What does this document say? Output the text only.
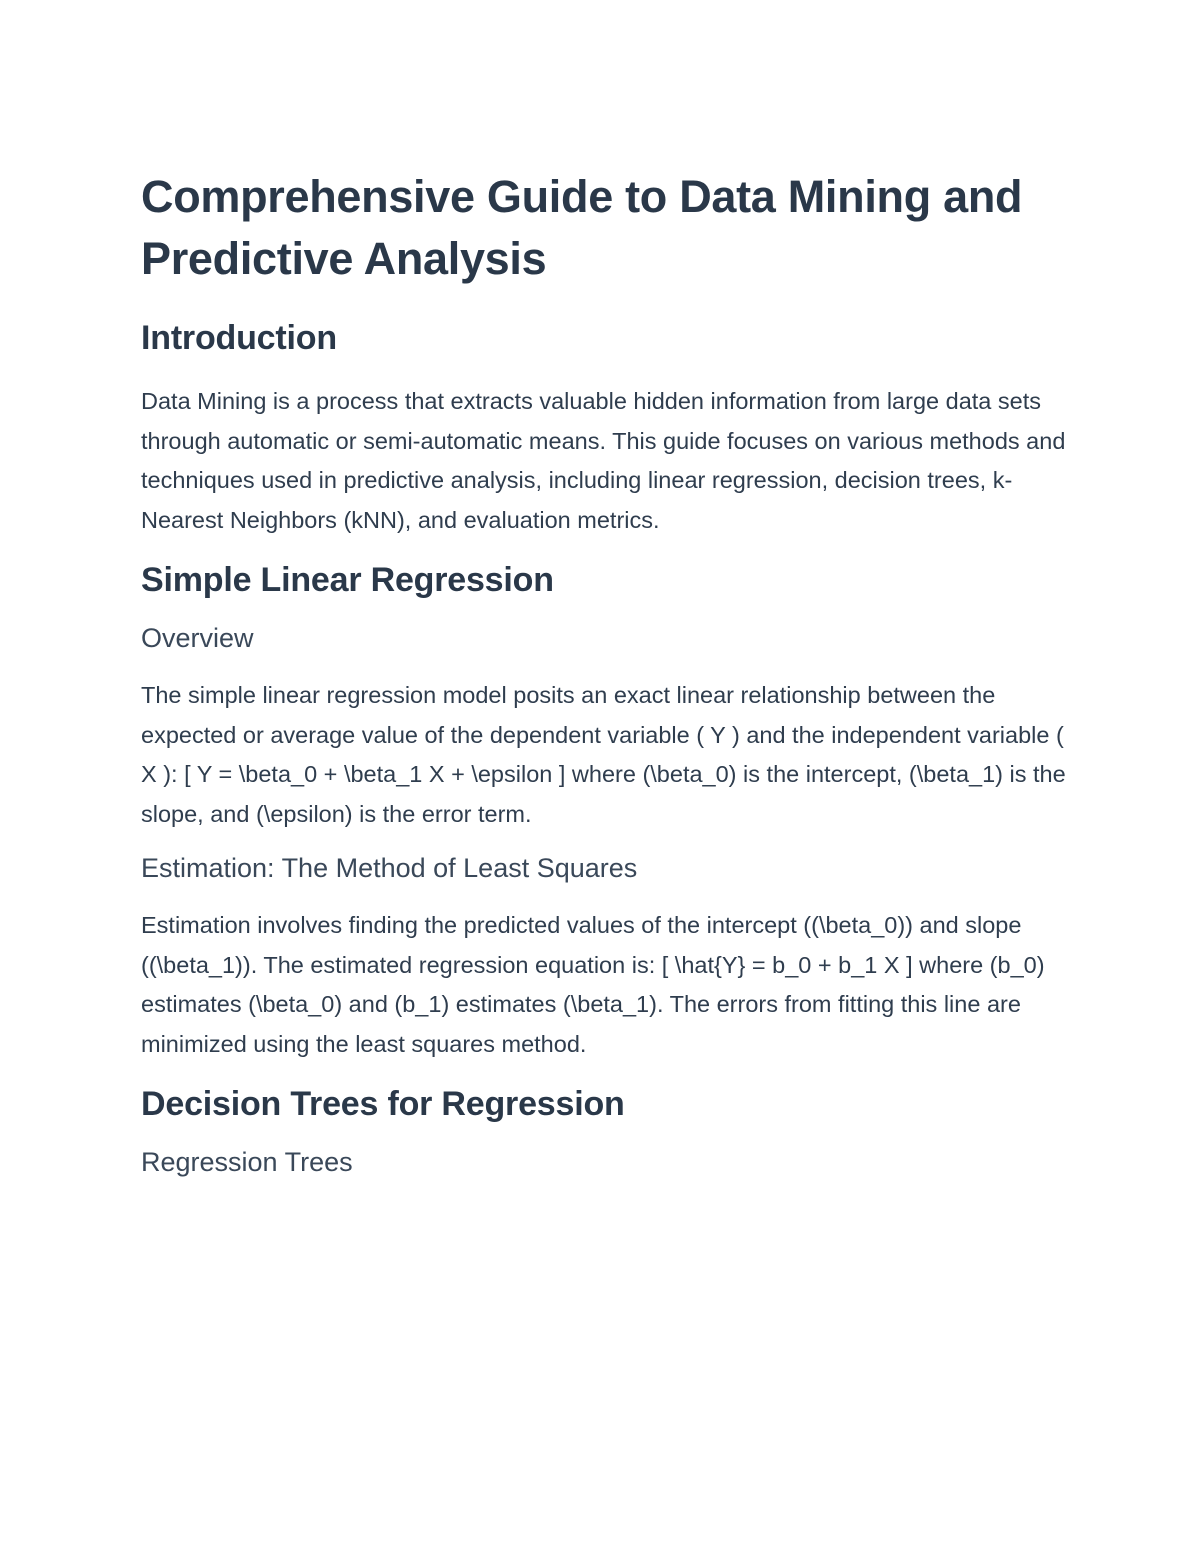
Comprehensive Guide to Data Mining and Predictive Analysis
Introduction

Data Mining is a process that extracts valuable hidden information from large data sets through automatic or semi-automatic means. This guide focuses on various methods and techniques used in predictive analysis, including linear regression, decision trees, k-Nearest Neighbors (kNN), and evaluation metrics.

Simple Linear Regression
Overview

The simple linear regression model posits an exact linear relationship between the expected or average value of the dependent variable ( Y ) and the independent variable ( X ): [ Y = \beta_0 + \beta_1 X + \epsilon ] where (\beta_0) is the intercept, (\beta_1) is the slope, and (\epsilon) is the error term.

Estimation: The Method of Least Squares

Estimation involves finding the predicted values of the intercept ((\beta_0)) and slope ((\beta_1)). The estimated regression equation is: [ \hat{Y} = b_0 + b_1 X ] where (b_0) estimates (\beta_0) and (b_1) estimates (\beta_1). The errors from fitting this line are minimized using the least squares method.

Decision Trees for Regression
Regression Trees
